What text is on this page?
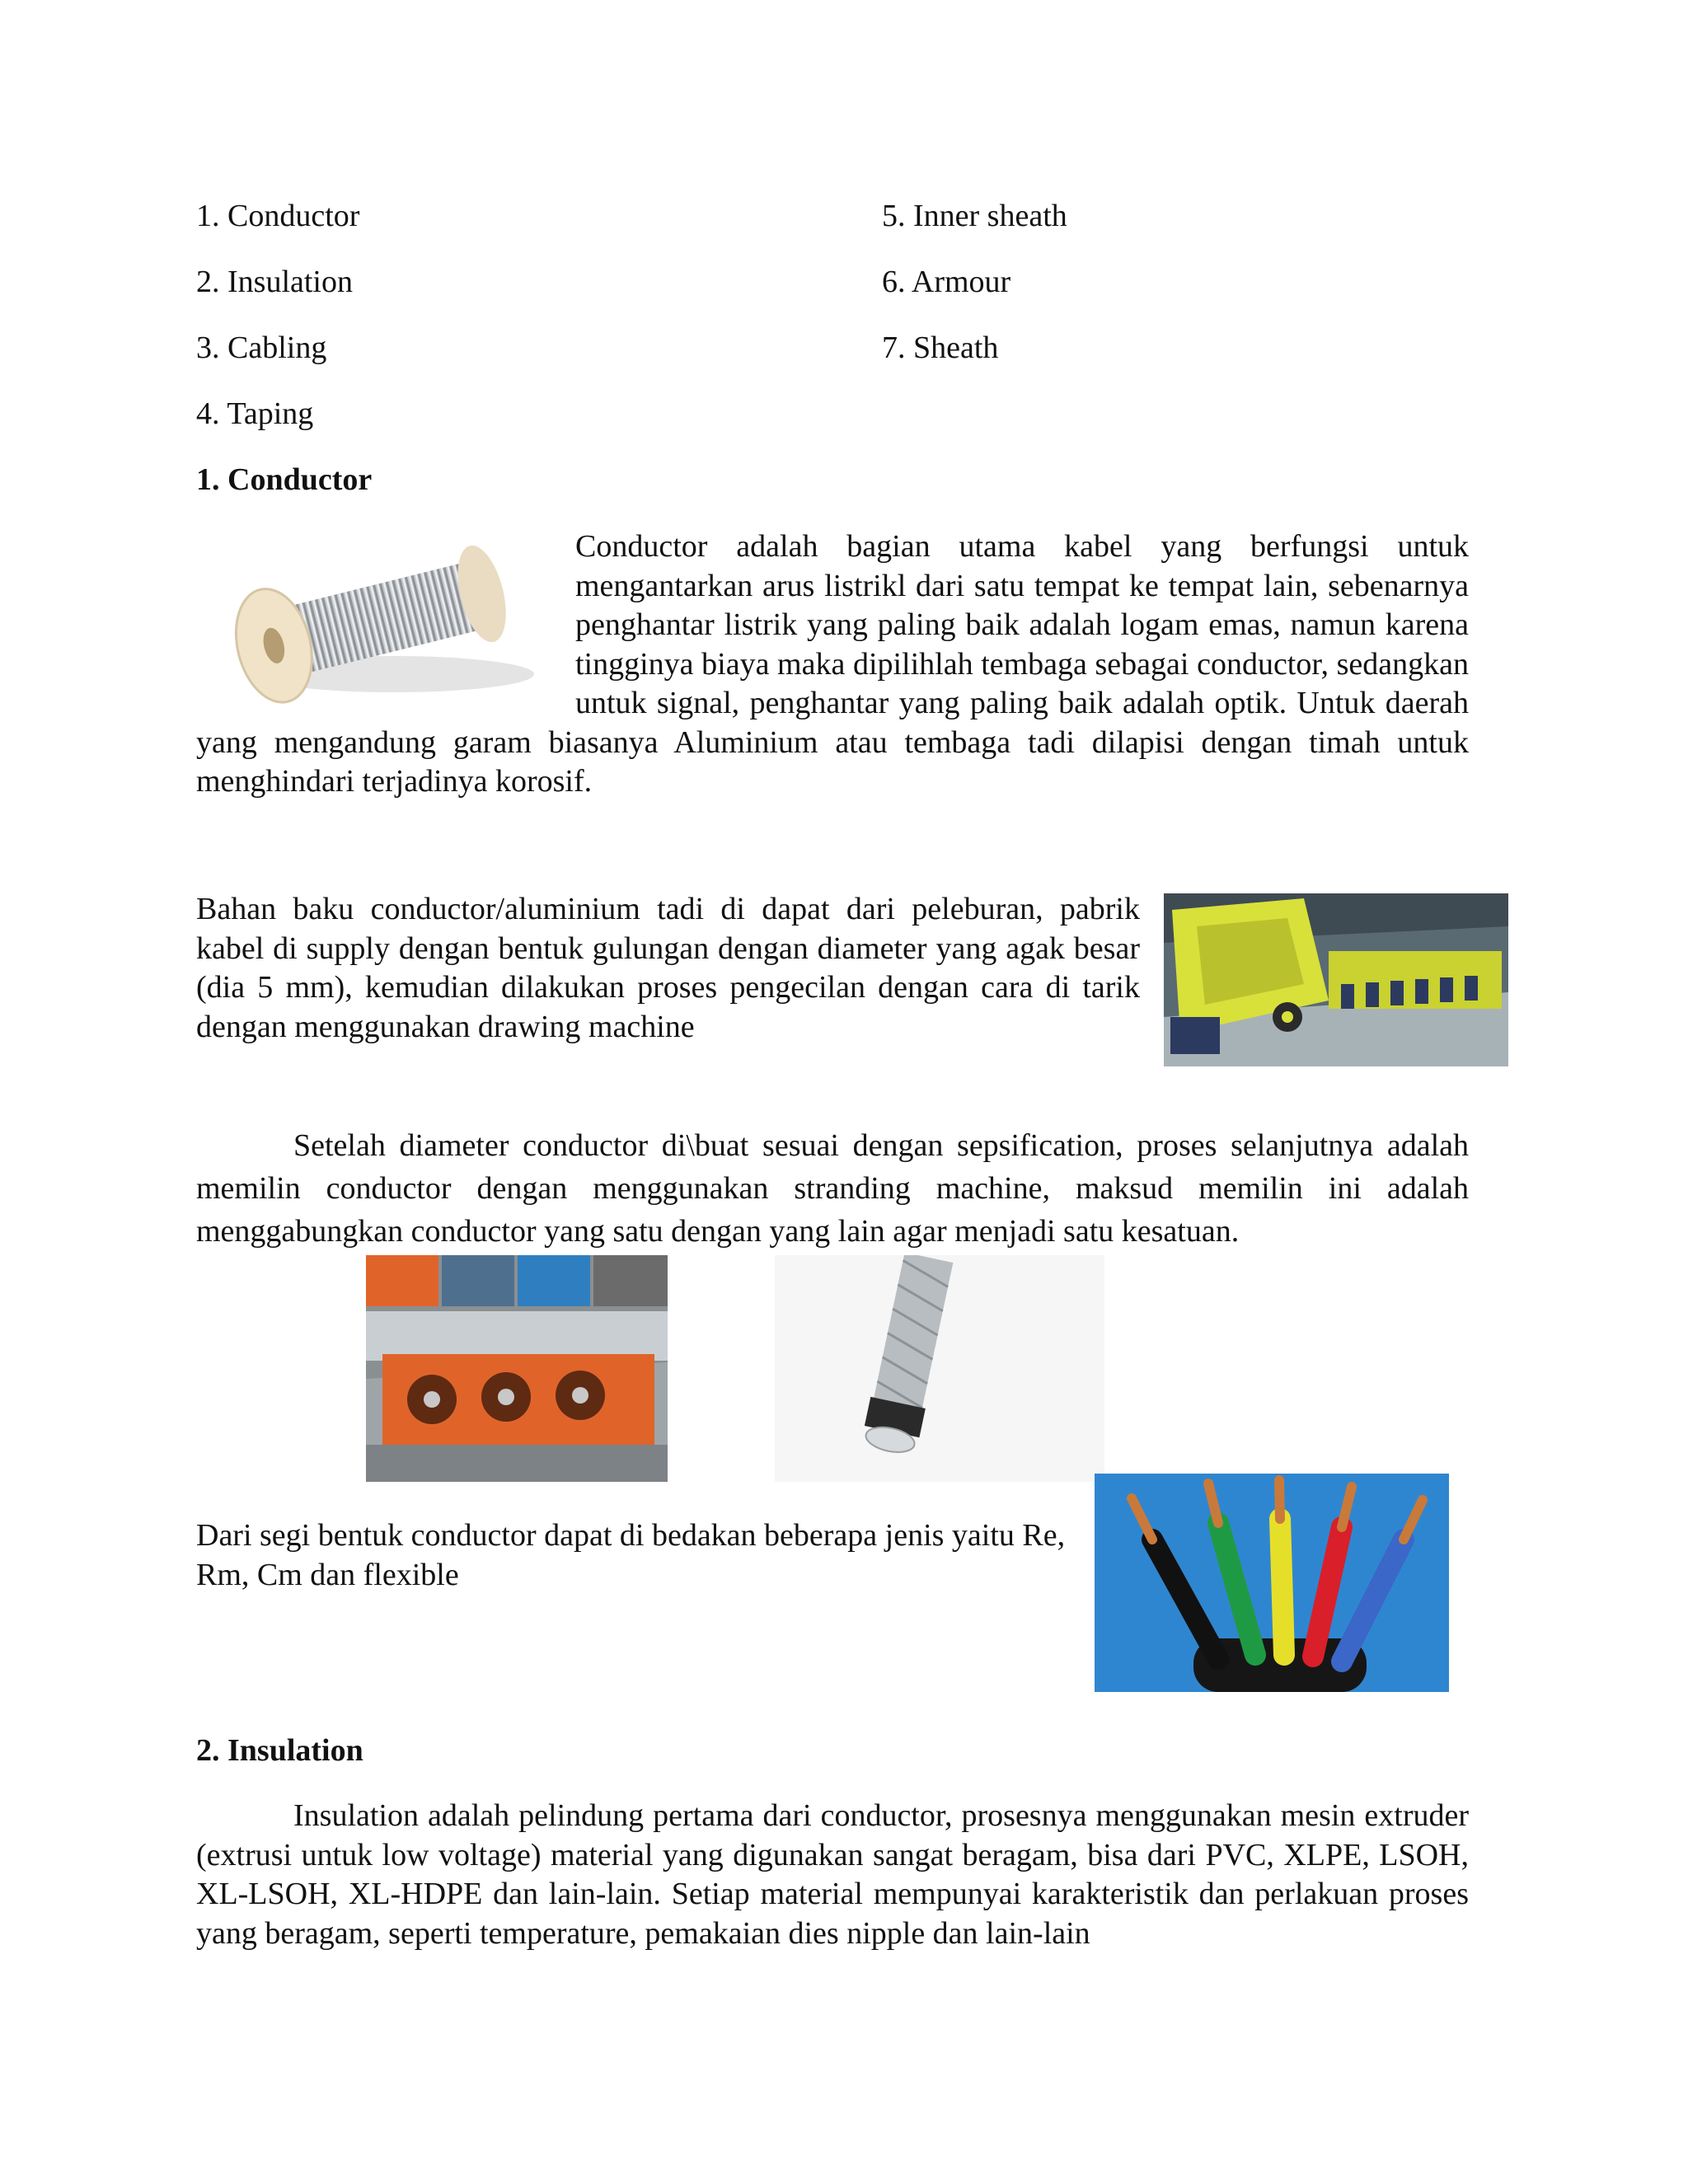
1. Conductor
2. Insulation
3. Cabling
4. Taping
5. Inner sheath
6. Armour
7. Sheath
1. Conductor

Conductor adalah bagian utama kabel yang berfungsi untuk mengantarkan arus listrikl dari satu tempat ke tempat lain, sebenarnya penghantar listrik yang paling baik adalah logam emas, namun karena tingginya biaya maka dipilihlah tembaga sebagai conductor, sedangkan untuk signal, penghantar yang paling baik adalah optik. Untuk daerah yang mengandung garam biasanya Aluminium atau tembaga tadi dilapisi dengan timah untuk menghindari terjadinya korosif.

Bahan baku conductor/aluminium tadi di dapat dari peleburan, pabrik kabel di supply dengan bentuk gulungan dengan diameter yang agak besar (dia 5 mm), kemudian dilakukan proses pengecilan dengan cara di tarik dengan menggunakan drawing machine

Setelah diameter conductor di\buat sesuai dengan sepsification, proses selanjutnya adalah memilin conductor dengan menggunakan stranding machine, maksud memilin ini adalah menggabungkan conductor yang satu dengan yang lain agar menjadi satu kesatuan.

Dari segi bentuk conductor dapat di bedakan beberapa jenis yaitu Re, Rm, Cm dan flexible

2. Insulation

Insulation adalah pelindung pertama dari conductor, prosesnya menggunakan mesin extruder (extrusi untuk low voltage) material yang digunakan sangat beragam, bisa dari PVC, XLPE, LSOH, XL-LSOH, XL-HDPE dan lain-lain. Setiap material mempunyai karakteristik dan perlakuan proses yang beragam, seperti temperature, pemakaian dies nipple dan lain-lain
